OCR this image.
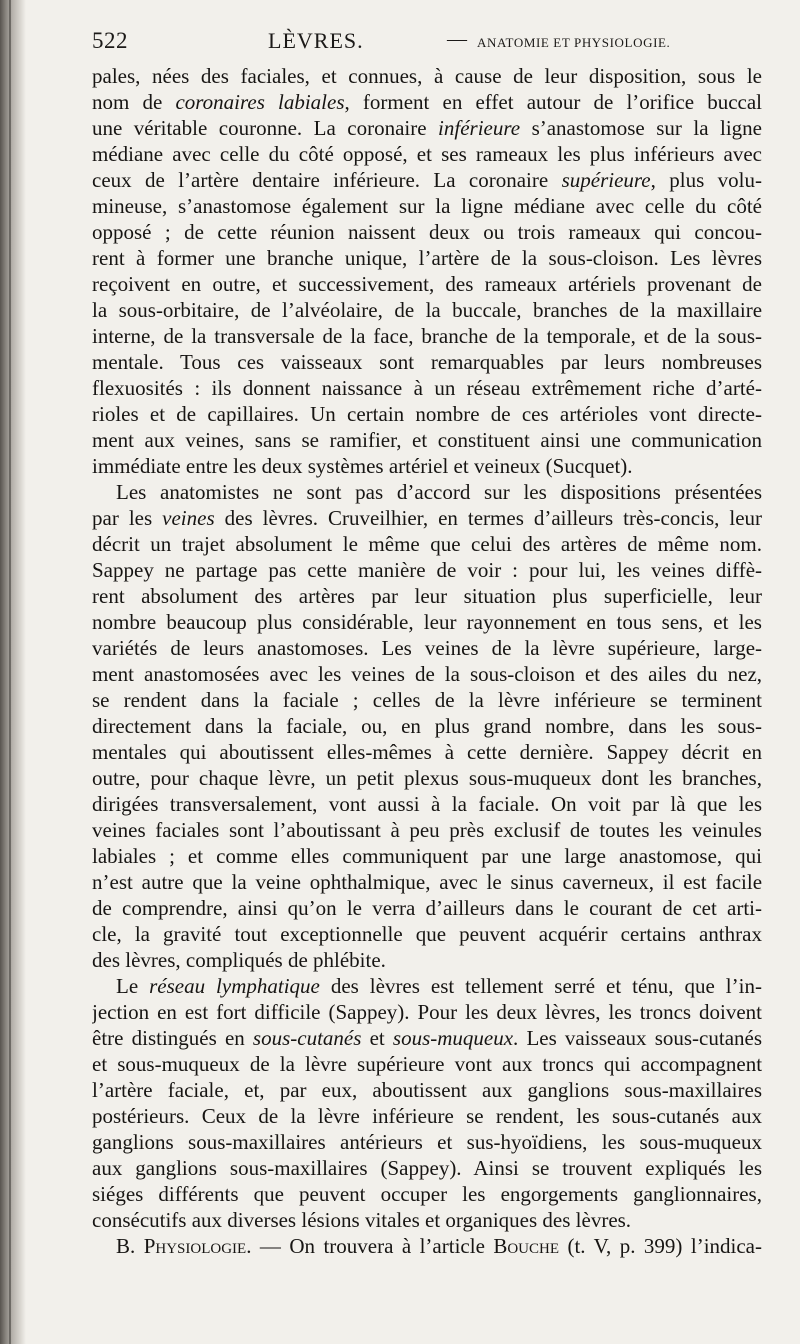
522	LÈVRES.	— ANATOMIE ET PHYSIOLOGIE.
pales, nées des faciales, et connues, à cause de leur disposition, sous le
nom de coronaires labiales, forment en effet autour de l’orifice buccal
une véritable couronne. La coronaire inférieure s’anastomose sur la ligne
médiane avec celle du côté opposé, et ses rameaux les plus inférieurs avec
ceux de l’artère dentaire inférieure. La coronaire supérieure, plus volu-
mineuse, s’anastomose également sur la ligne médiane avec celle du côté
opposé ; de cette réunion naissent deux ou trois rameaux qui concou-
rent à former une branche unique, l’artère de la sous-cloison. Les lèvres
reçoivent en outre, et successivement, des rameaux artériels provenant de
la sous-orbitaire, de l’alvéolaire, de la buccale, branches de la maxillaire
interne, de la transversale de la face, branche de la temporale, et de la sous-
mentale. Tous ces vaisseaux sont remarquables par leurs nombreuses
flexuosités : ils donnent naissance à un réseau extrêmement riche d’arté-
rioles et de capillaires. Un certain nombre de ces artérioles vont directe-
ment aux veines, sans se ramifier, et constituent ainsi une communication
immédiate entre les deux systèmes artériel et veineux (Sucquet).
Les anatomistes ne sont pas d’accord sur les dispositions présentées
par les veines des lèvres. Cruveilhier, en termes d’ailleurs très-concis, leur
décrit un trajet absolument le même que celui des artères de même nom.
Sappey ne partage pas cette manière de voir : pour lui, les veines diffè-
rent absolument des artères par leur situation plus superficielle, leur
nombre beaucoup plus considérable, leur rayonnement en tous sens, et les
variétés de leurs anastomoses. Les veines de la lèvre supérieure, large-
ment anastomosées avec les veines de la sous-cloison et des ailes du nez,
se rendent dans la faciale ; celles de la lèvre inférieure se terminent
directement dans la faciale, ou, en plus grand nombre, dans les sous-
mentales qui aboutissent elles-mêmes à cette dernière. Sappey décrit en
outre, pour chaque lèvre, un petit plexus sous-muqueux dont les branches,
dirigées transversalement, vont aussi à la faciale. On voit par là que les
veines faciales sont l’aboutissant à peu près exclusif de toutes les veinules
labiales ; et comme elles communiquent par une large anastomose, qui
n’est autre que la veine ophthalmique, avec le sinus caverneux, il est facile
de comprendre, ainsi qu’on le verra d’ailleurs dans le courant de cet arti-
cle, la gravité tout exceptionnelle que peuvent acquérir certains anthrax
des lèvres, compliqués de phlébite.
Le réseau lymphatique des lèvres est tellement serré et ténu, que l’in-
jection en est fort difficile (Sappey). Pour les deux lèvres, les troncs doivent
être distingués en sous-cutanés et sous-muqueux. Les vaisseaux sous-cutanés
et sous-muqueux de la lèvre supérieure vont aux troncs qui accompagnent
l’artère faciale, et, par eux, aboutissent aux ganglions sous-maxillaires
postérieurs. Ceux de la lèvre inférieure se rendent, les sous-cutanés aux
ganglions sous-maxillaires antérieurs et sus-hyoïdiens, les sous-muqueux
aux ganglions sous-maxillaires (Sappey). Ainsi se trouvent expliqués les
siéges différents que peuvent occuper les engorgements ganglionnaires,
consécutifs aux diverses lésions vitales et organiques des lèvres.
B. Physiologie. — On trouvera à l’article Bouche (t. V, p. 399) l’indica-
